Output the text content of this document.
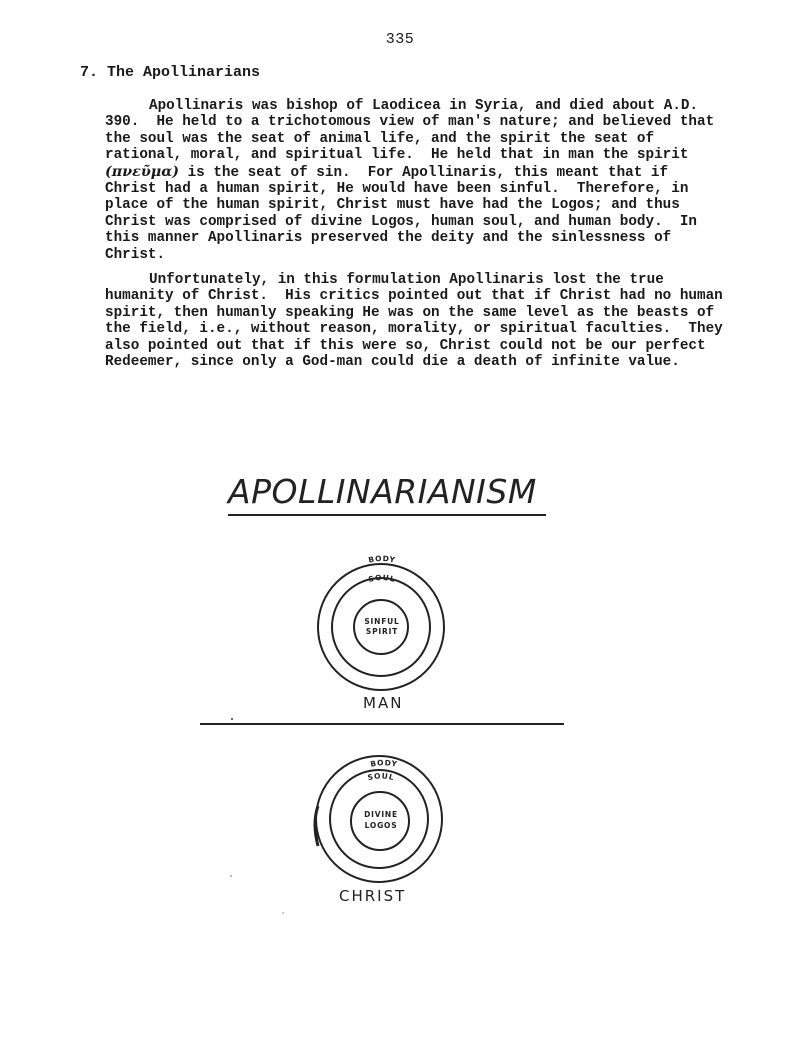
335
7. The Apollinarians
Apollinaris was bishop of Laodicea in Syria, and died about A.D.
390.  He held to a trichotomous view of man's nature; and believed that
the soul was the seat of animal life, and the spirit the seat of
rational, moral, and spiritual life.  He held that in man the spirit
(πνεῦμα) is the seat of sin.  For Apollinaris, this meant that if
Christ had a human spirit, He would have been sinful.  Therefore, in
place of the human spirit, Christ must have had the Logos; and thus
Christ was comprised of divine Logos, human soul, and human body.  In
this manner Apollinaris preserved the deity and the sinlessness of
Christ.
Unfortunately, in this formulation Apollinaris lost the true
humanity of Christ.  His critics pointed out that if Christ had no human
spirit, then humanly speaking He was on the same level as the beasts of
the field, i.e., without reason, morality, or spiritual faculties.  They
also pointed out that if this were so, Christ could not be our perfect
Redeemer, since only a God-man could die a death of infinite value.
APOLLINARIANISM
BODY
SOUL
SINFUL
SPIRIT
BODY
SOUL
DIVINE
LOGOS
MAN
CHRIST
